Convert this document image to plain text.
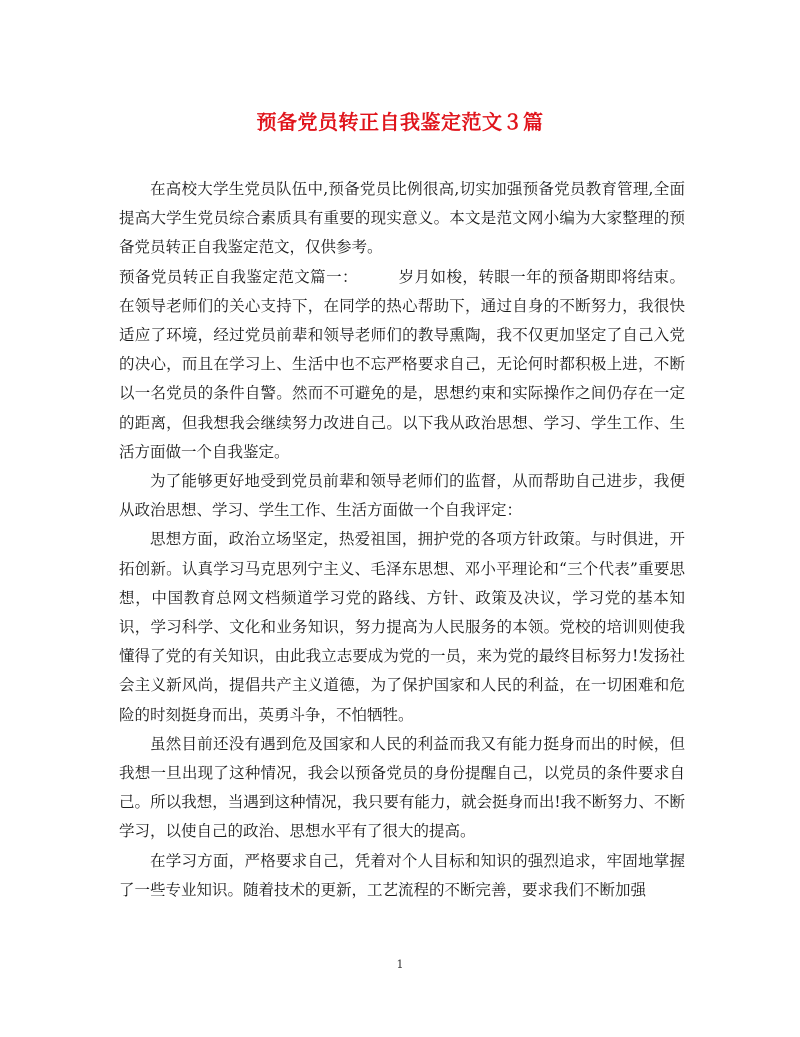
预备党员转正自我鉴定范文３篇

在高校大学生党员队伍中,预备党员比例很高,切实加强预备党员教育管理,全面提高大学生党员综合素质具有重要的现实意义。本文是范文网小编为大家整理的预备党员转正自我鉴定范文，仅供参考。

预备党员转正自我鉴定范文篇一：	岁月如梭，转眼一年的预备期即将结束。在领导老师们的关心支持下，在同学的热心帮助下，通过自身的不断努力，我很快适应了环境，经过党员前辈和领导老师们的教导熏陶，我不仅更加坚定了自己入党的决心，而且在学习上、生活中也不忘严格要求自己，无论何时都积极上进，不断以一名党员的条件自警。然而不可避免的是，思想约束和实际操作之间仍存在一定的距离，但我想我会继续努力改进自己。以下我从政治思想、学习、学生工作、生活方面做一个自我鉴定。

为了能够更好地受到党员前辈和领导老师们的监督，从而帮助自己进步，我便从政治思想、学习、学生工作、生活方面做一个自我评定：

思想方面，政治立场坚定，热爱祖国，拥护党的各项方针政策。与时俱进，开拓创新。认真学习马克思列宁主义、毛泽东思想、邓小平理论和“三个代表”重要思想，中国教育总网文档频道学习党的路线、方针、政策及决议，学习党的基本知识，学习科学、文化和业务知识，努力提高为人民服务的本领。党校的培训则使我懂得了党的有关知识，由此我立志要成为党的一员，来为党的最终目标努力!发扬社会主义新风尚，提倡共产主义道德，为了保护国家和人民的利益，在一切困难和危险的时刻挺身而出，英勇斗争，不怕牺牲。

虽然目前还没有遇到危及国家和人民的利益而我又有能力挺身而出的时候，但我想一旦出现了这种情况，我会以预备党员的身份提醒自己，以党员的条件要求自己。所以我想，当遇到这种情况，我只要有能力，就会挺身而出!我不断努力、不断学习，以使自己的政治、思想水平有了很大的提高。

在学习方面，严格要求自己，凭着对个人目标和知识的强烈追求，牢固地掌握了一些专业知识。随着技术的更新，工艺流程的不断完善，要求我们不断加强

1
